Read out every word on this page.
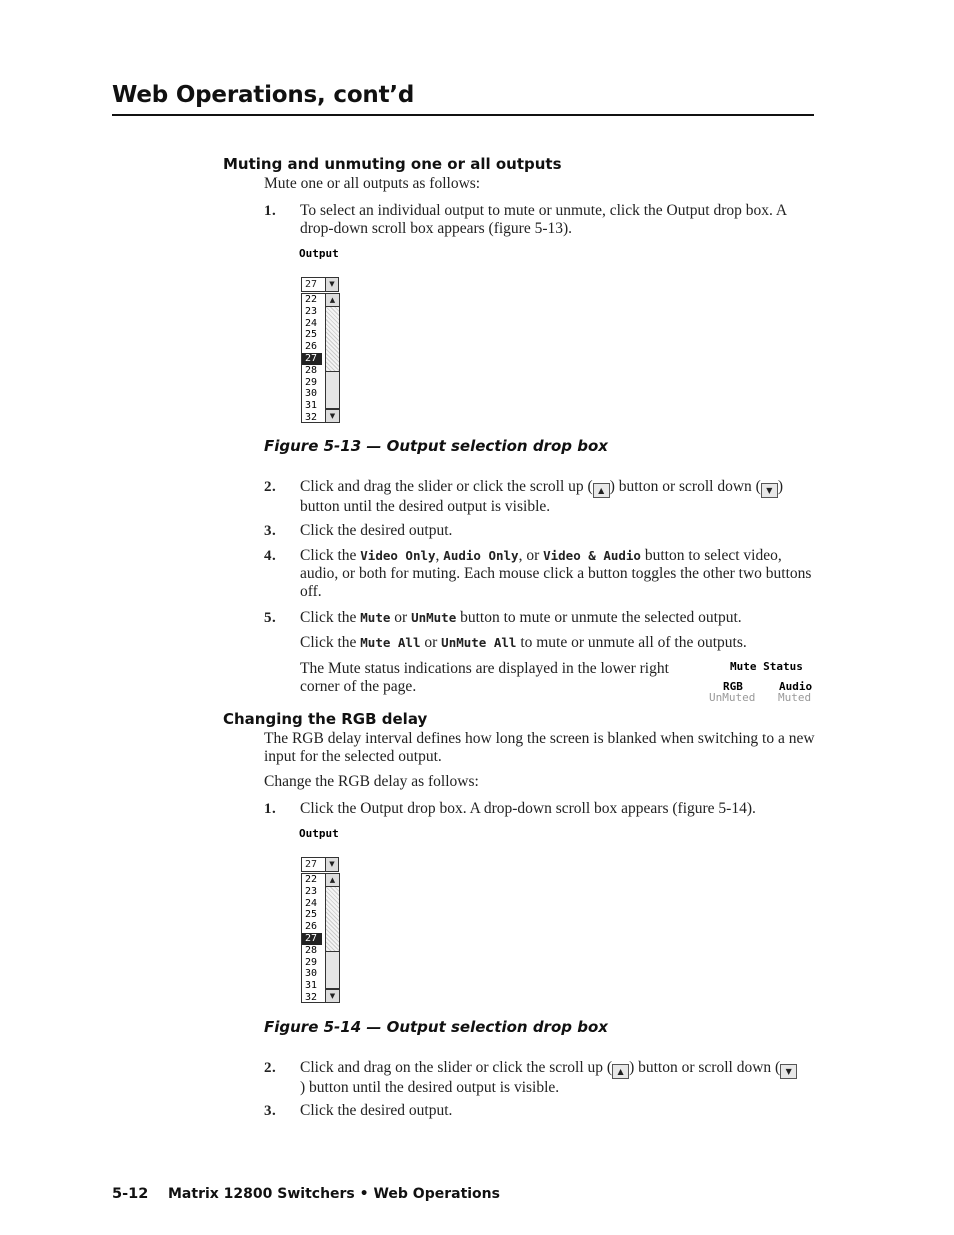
Web Operations, cont’d
Muting and unmuting one or all outputs

Mute one or all outputs as follows:

1 . To select an individual output to mute or unmute, click the Output drop box. A drop-down scroll box appears (figure 5-13).

Output
27	▼
22
23
24
25
26
27
28
29
30
31
32
▲
▼
Figure 5-13 — Output selection drop box
2 . Click and drag the slider or click the scroll up ( ▲ ) button or scroll down ( ▼ ) button until the desired output is visible.

3 . Click the desired output.

4 . Click the Video Only, Audio Only, or Video & Audio button to select video, audio, or both for muting. Each mouse click a button toggles the other two buttons off.

5 . Click the Mute or UnMute button to mute or unmute the selected output.

Click the Mute All or UnMute All to mute or unmute all of the outputs.

The Mute status indications are displayed in the lower right corner of the page.

Mute Status
RGB	Audio
UnMuted Muted
Changing the RGB delay

The RGB delay interval defines how long the screen is blanked when switching to a new input for the selected output.

Change the RGB delay as follows:

1 . Click the Output drop box. A drop-down scroll box appears (figure 5-14).

Output
27	▼
22
23
24
25
26
27
28
29
30
31
32
▲
▼
Figure 5-14 — Output selection drop box
2 . Click and drag on the slider or click the scroll up ( ▲ ) button or scroll down ( ▼) button until the desired output is visible.

3 . Click the desired output.

5-12 Matrix 12800 Switchers • Web Operations
